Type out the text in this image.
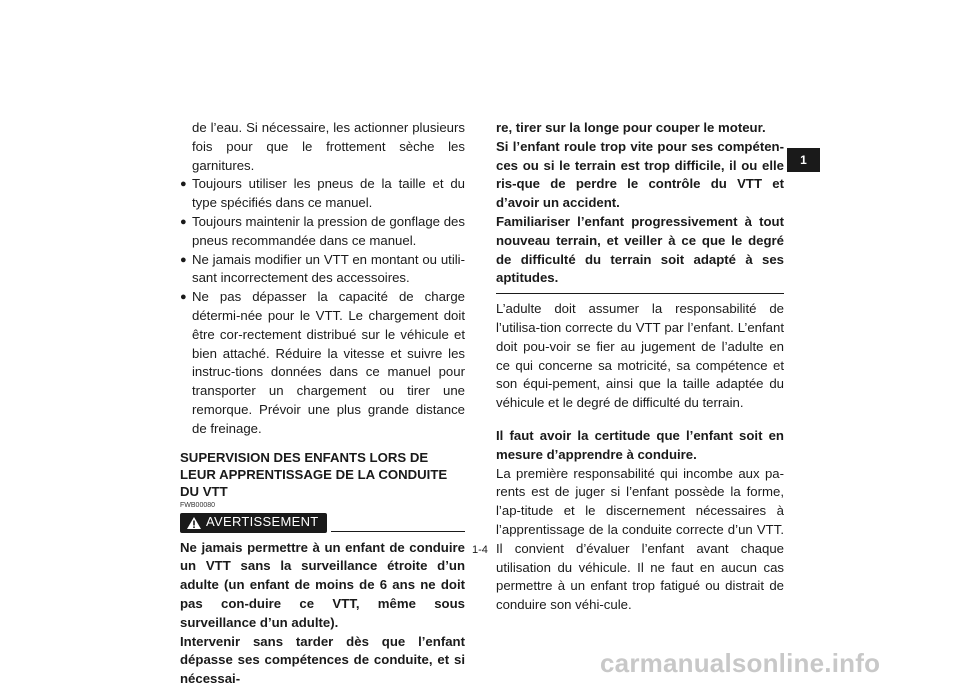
de l’eau. Si nécessaire, les actionner plusieurs fois pour que le frottement sèche les garnitures.

● Toujours utiliser les pneus de la taille et du type spécifiés dans ce manuel.
● Toujours maintenir la pression de gonflage des pneus recommandée dans ce manuel.
● Ne jamais modifier un VTT en montant ou utili-sant incorrectement des accessoires.
● Ne pas dépasser la capacité de charge détermi-née pour le VTT. Le chargement doit être cor-rectement distribué sur le véhicule et bien attaché. Réduire la vitesse et suivre les instruc-tions données dans ce manuel pour transporter un chargement ou tirer une remorque. Prévoir une plus grande distance de freinage.
SUPERVISION DES ENFANTS LORS DE LEUR APPRENTISSAGE DE LA CONDUITE DU VTT
FWB00080
AVERTISSEMENT

Ne jamais permettre à un enfant de conduire un VTT sans la surveillance étroite d’un adulte (un enfant de moins de 6 ans ne doit pas con-duire ce VTT, même sous surveillance d’un adulte).

Intervenir sans tarder dès que l’enfant dépasse ses compétences de conduite, et si nécessai-

re, tirer sur la longe pour couper le moteur.

Si l’enfant roule trop vite pour ses compéten-ces ou si le terrain est trop difficile, il ou elle ris-que de perdre le contrôle du VTT et d’avoir un accident.

Familiariser l’enfant progressivement à tout nouveau terrain, et veiller à ce que le degré de difficulté du terrain soit adapté à ses aptitudes.

L’adulte doit assumer la responsabilité de l’utilisa-tion correcte du VTT par l’enfant. L’enfant doit pou-voir se fier au jugement de l’adulte en ce qui concerne sa motricité, sa compétence et son équi-pement, ainsi que la taille adaptée du véhicule et le degré de difficulté du terrain.

Il faut avoir la certitude que l’enfant soit en mesure d’apprendre à conduire.

La première responsabilité qui incombe aux pa-rents est de juger si l’enfant possède la forme, l’ap-titude et le discernement nécessaires à l’apprentissage de la conduite correcte d’un VTT. Il convient d’évaluer l’enfant avant chaque utilisation du véhicule. Il ne faut en aucun cas permettre à un enfant trop fatigué ou distrait de conduire son véhi-cule.

1-4
1
carmanualsonline.info
